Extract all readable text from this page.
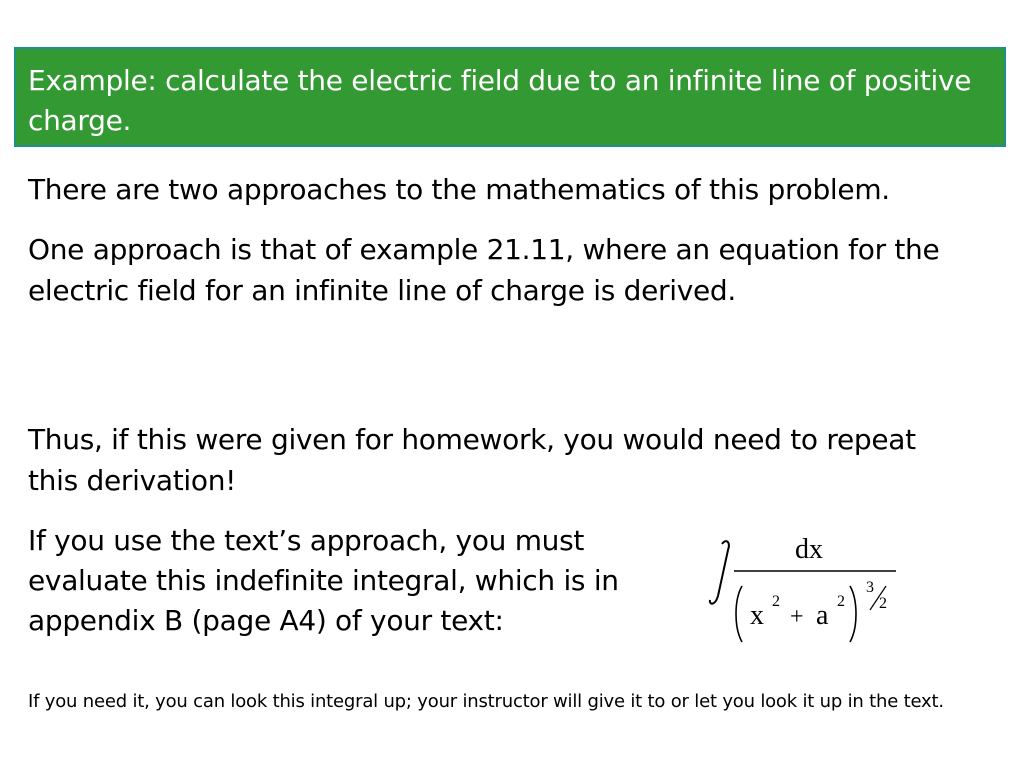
Example: calculate the electric field due to an infinite line of positive charge.

There are two approaches to the mathematics of this problem.

One approach is that of example 21.11, where an equation for the electric field for an infinite line of charge is derived.

Thus, if this were given for homework, you would need to repeat this derivation!

If you use the text’s approach, you must evaluate this indefinite integral, which is in appendix B (page A4) of your text:

dx
x 2
+ a 2
3
2

If you need it, you can look this integral up; your instructor will give it to or let you look it up in the text.
